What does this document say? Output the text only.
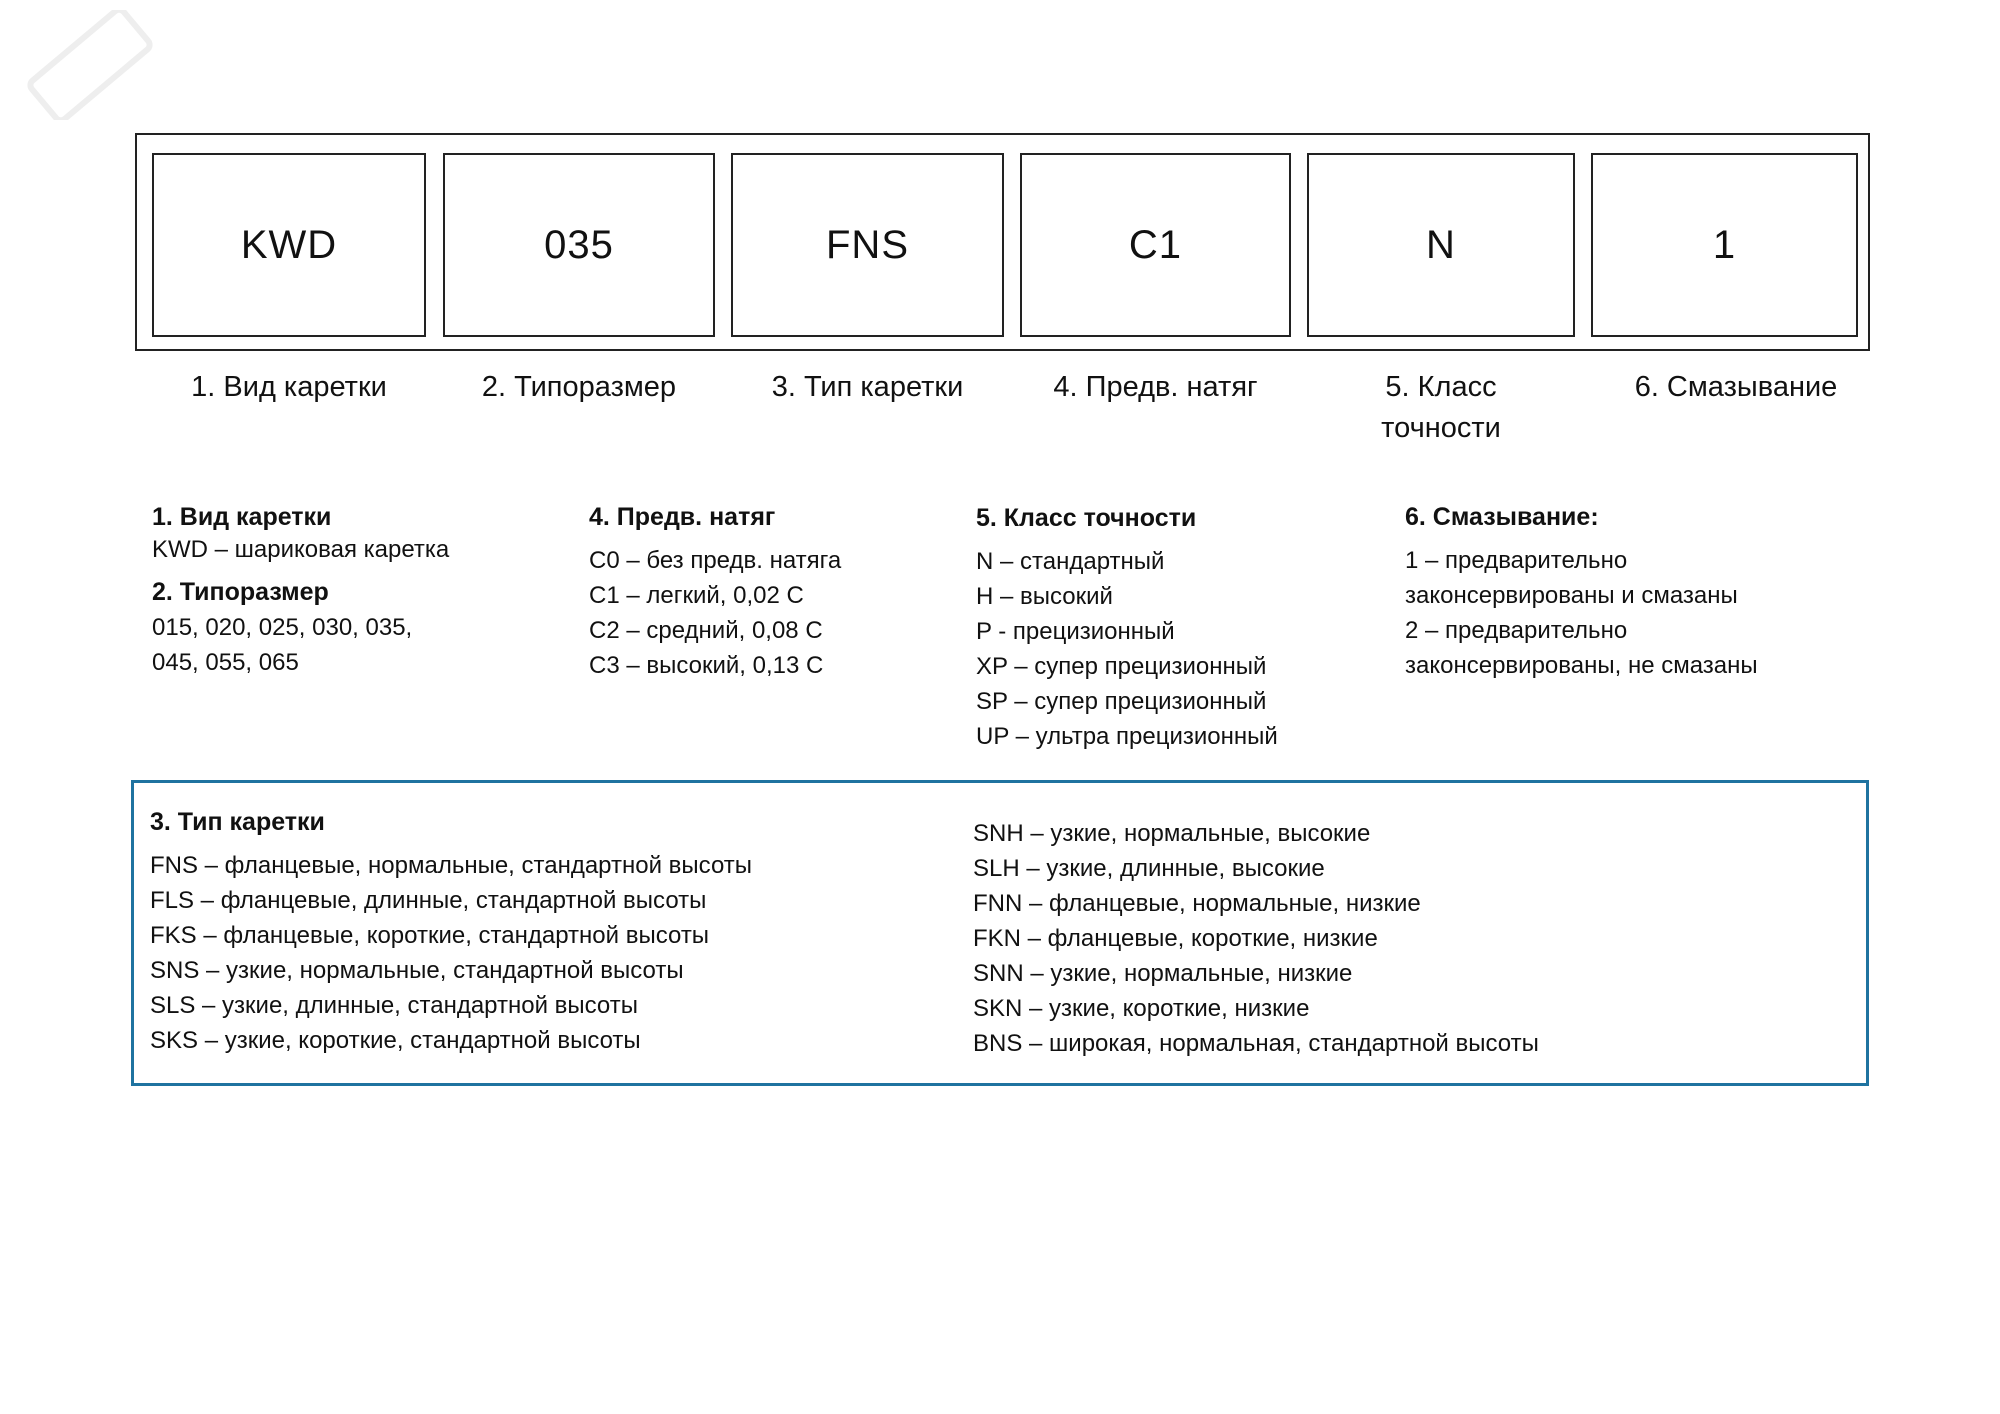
KWD	035	FNS	C1	N	1
1. Вид каретки	2. Типоразмер	3. Тип каретки	4. Предв. натяг	5. Класс
точности
6. Смазывание
1. Вид каретки
KWD – шариковая каретка
2. Типоразмер
015, 020, 025, 030, 035,
045, 055, 065
4. Предв. натяг
C0 – без предв. натяга
C1 – легкий, 0,02 С
C2 – средний, 0,08 С
C3 – высокий, 0,13 С
5. Класс точности
N – стандартный
H – высокий
P - прецизионный
XP – супер прецизионный
SP – супер прецизионный
UP – ультра прецизионный
6. Смазывание:
1 – предварительно
законсервированы и смазаны
2 – предварительно
законсервированы, не смазаны
3. Тип каретки
FNS – фланцевые, нормальные, стандартной высоты
FLS – фланцевые, длинные, стандартной высоты
FKS – фланцевые, короткие, стандартной высоты
SNS – узкие, нормальные, стандартной высоты
SLS – узкие, длинные, стандартной высоты
SKS – узкие, короткие, стандартной высоты
SNH – узкие, нормальные, высокие
SLH – узкие, длинные, высокие
FNN – фланцевые, нормальные, низкие
FKN – фланцевые, короткие, низкие
SNN – узкие, нормальные, низкие
SKN – узкие, короткие, низкие
BNS – широкая, нормальная, стандартной высоты
